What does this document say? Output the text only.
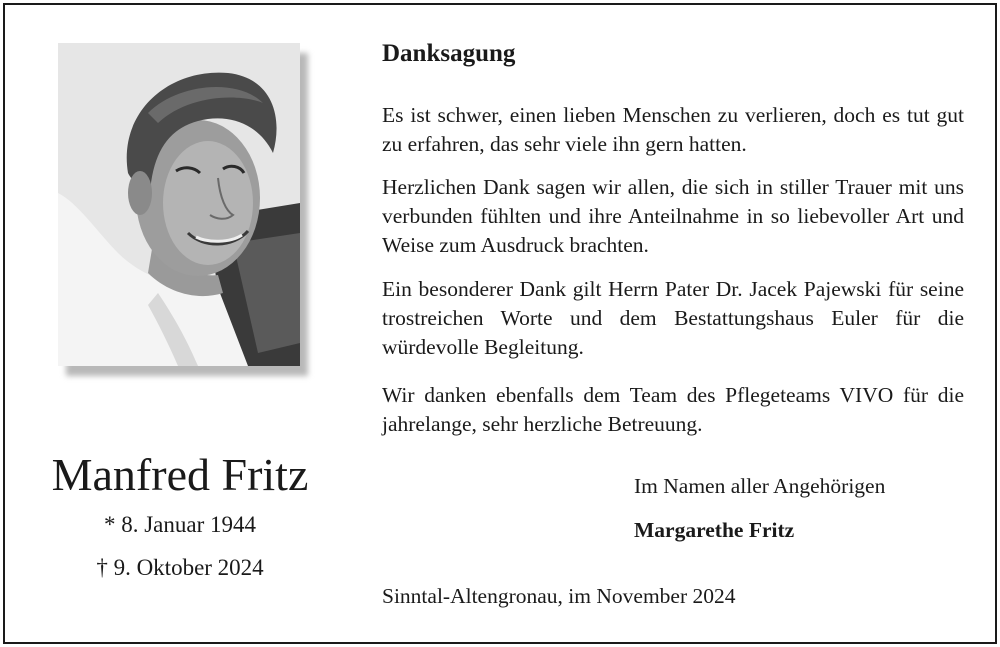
Manfred Fritz
* 8. Januar 1944
† 9. Oktober 2024
Danksagung

Es ist schwer, einen lieben Menschen zu verlieren, doch es tut gut zu erfahren, das sehr viele ihn gern hatten.

Herzlichen Dank sagen wir allen, die sich in stiller Trauer mit uns verbunden fühlten und ihre Anteilnahme in so liebevoller Art und Weise zum Ausdruck brachten.

Ein besonderer Dank gilt Herrn Pater Dr. Jacek Pajewski für seine trostreichen Worte und dem Bestattungshaus Euler für die würdevolle Begleitung.

Wir danken ebenfalls dem Team des Pflegeteams VIVO für die jahrelange, sehr herzliche Betreuung.

Im Namen aller Angehörigen
Margarethe Fritz
Sinntal-Altengronau, im November 2024
